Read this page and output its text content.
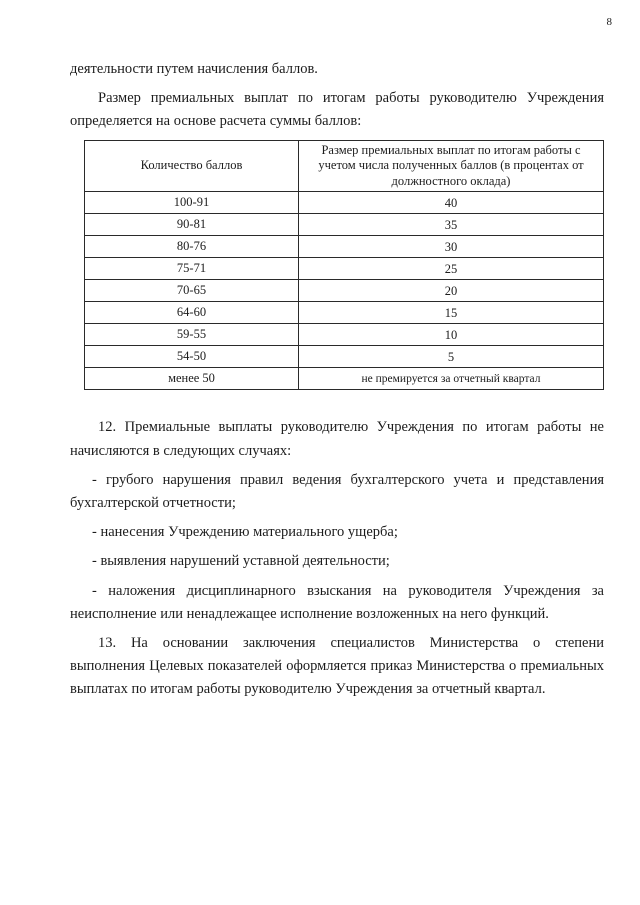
8

деятельности путем начисления баллов.

Размер премиальных выплат по итогам работы руководителю Учреждения определяется на основе расчета суммы баллов:

Количество баллов	Размер премиальных выплат по итогам работы с учетом числа полученных баллов (в процентах от должностного оклада)
100-91	40
90-81	35
80-76	30
75-71	25
70-65	20
64-60	15
59-55	10
54-50	5
менее 50	не премируется за отчетный квартал

12. Премиальные выплаты руководителю Учреждения по итогам работы не начисляются в следующих случаях:

- грубого нарушения правил ведения бухгалтерского учета и представления бухгалтерской отчетности;

- нанесения Учреждению материального ущерба;

- выявления нарушений уставной деятельности;

- наложения дисциплинарного взыскания на руководителя Учреждения за неисполнение или ненадлежащее исполнение возложенных на него функций.

13. На основании заключения специалистов Министерства о степени выполнения Целевых показателей оформляется приказ Министерства о премиальных выплатах по итогам работы руководителю Учреждения за отчетный квартал.
